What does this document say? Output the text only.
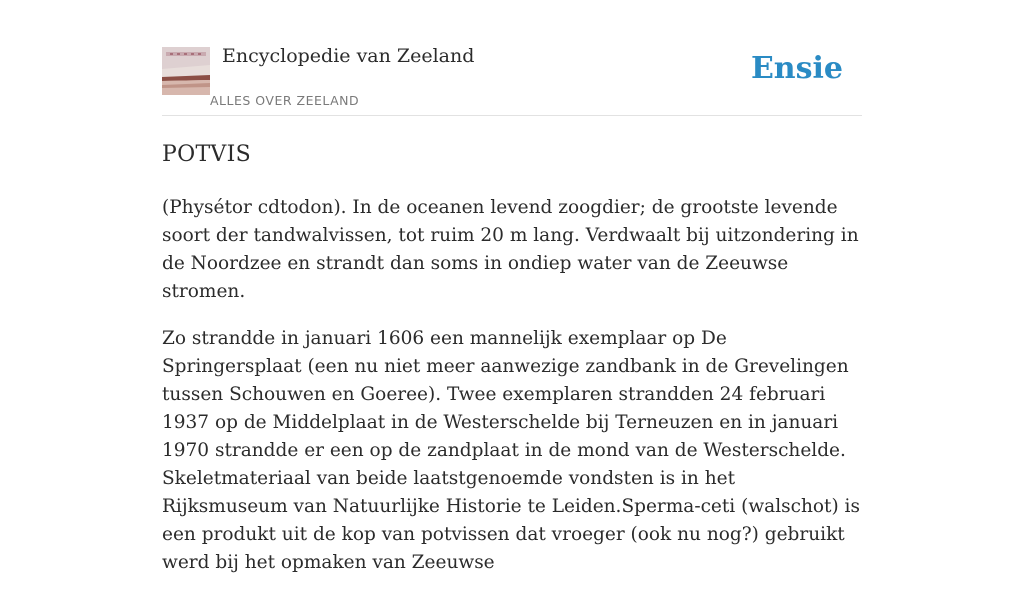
Encyclopedie van Zeeland
ALLES OVER ZEELAND
Ensie
POTVIS

(Physétor cdtodon). In de oceanen levend zoogdier; de grootste levende soort der tandwalvissen, tot ruim 20 m lang. Verdwaalt bij uitzondering in de Noordzee en strandt dan soms in ondiep water van de Zeeuwse stromen.

Zo strandde in januari 1606 een mannelijk exemplaar op De Springersplaat (een nu niet meer aanwezige zandbank in de Grevelingen tussen Schouwen en Goeree). Twee exemplaren strandden 24 februari 1937 op de Middelplaat in de Westerschelde bij Terneuzen en in januari 1970 strandde er een op de zandplaat in de mond van de Westerschelde. Skeletmateriaal van beide laatstgenoemde vondsten is in het Rijksmuseum van Natuurlijke Historie te Leiden.Sperma-ceti (walschot) is een produkt uit de kop van potvissen dat vroeger (ook nu nog?) gebruikt werd bij het opmaken van Zeeuwse
